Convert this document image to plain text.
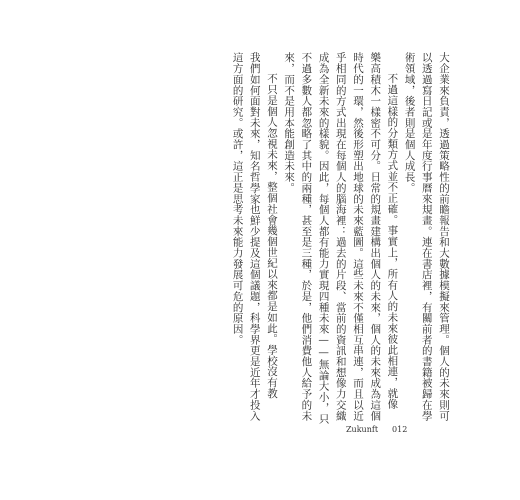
大企業來負責，透過策略性的前瞻報告和大數據模擬來管理。個人的未來則可
以透過寫日記或是年度行事曆來規畫。連在書店裡，有關前者的書籍被歸在學
術領域，後者則是個人成長。
不過這樣的分類方式並不正確。事實上，所有人的未來彼此相連，就像
樂高積木一樣密不可分。日常的規畫建構出個人的未來，個人的未來成為這個
時代的一環，然後形塑出地球的未來藍圖。這些未來不僅相互串連，而且以近
乎相同的方式出現在每個人的腦海裡：過去的片段、當前的資訊和想像力交織
成為全新未來的樣貌。因此，每個人都有能力實現四種未來——無論大小，只
不過多數人都忽略了其中的兩種，甚至是三種，於是，他們消費他人給予的未
來，而不是用本能創造未來。
不只是個人忽視未來，整個社會幾個世紀以來都是如此。學校沒有教
我們如何面對未來，知名哲學家也鮮少提及這個議題，科學界更是近年才投入
這方面的研究。或許，這正是思考未來能力發展可危的原因。
Zukunft 012
